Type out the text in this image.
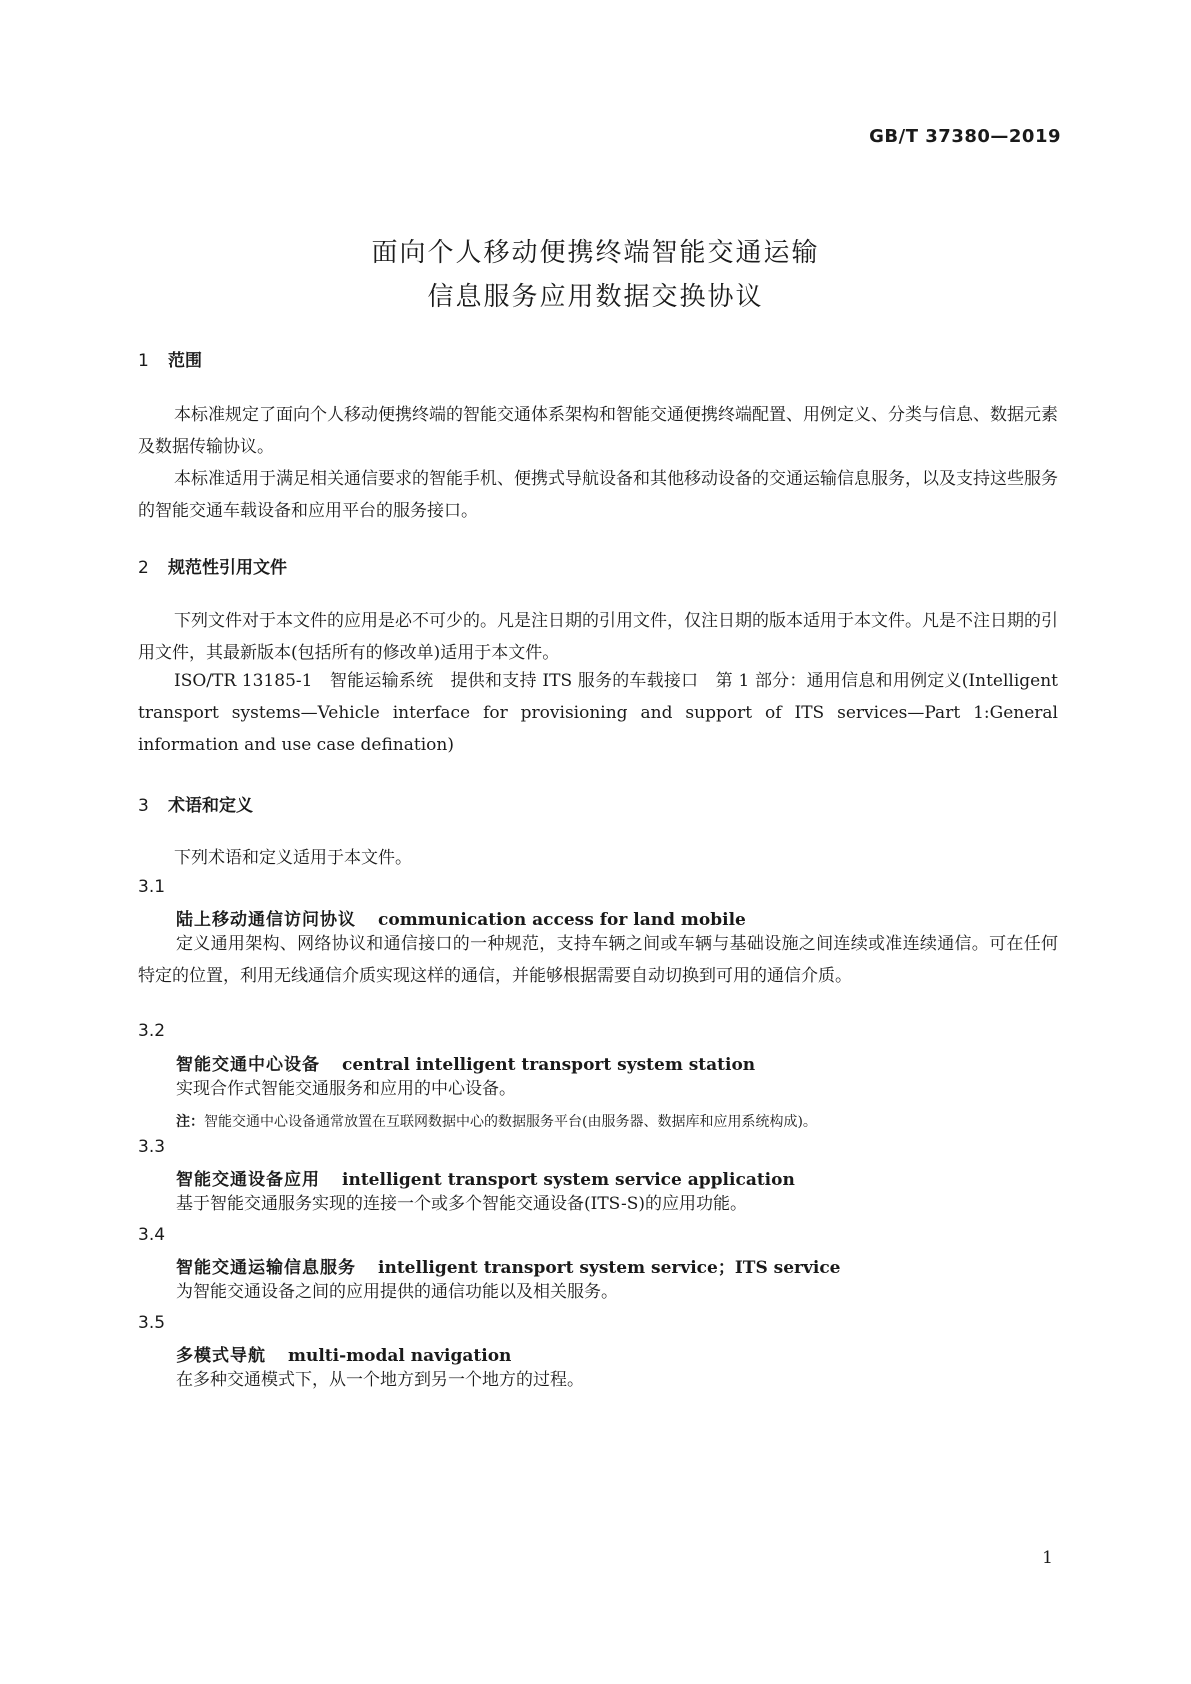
GB/T 37380—2019
面向个人移动便携终端智能交通运输
信息服务应用数据交换协议
1 范围
本标准规定了面向个人移动便携终端的智能交通体系架构和智能交通便携终端配置、用例定义、分类与信息、数据元素及数据传输协议。
本标准适用于满足相关通信要求的智能手机、便携式导航设备和其他移动设备的交通运输信息服务，以及支持这些服务的智能交通车载设备和应用平台的服务接口。
2 规范性引用文件
下列文件对于本文件的应用是必不可少的。凡是注日期的引用文件，仅注日期的版本适用于本文件。凡是不注日期的引用文件，其最新版本(包括所有的修改单)适用于本文件。
ISO/TR 13185-1　智能运输系统　提供和支持 ITS 服务的车载接口　第 1 部分：通用信息和用例定义(Intelligent transport systems—Vehicle interface for provisioning and support of ITS services—Part 1:General information and use case defination)
3 术语和定义
下列术语和定义适用于本文件。
3.1
陆上移动通信访问协议 communication access for land mobile
定义通用架构、网络协议和通信接口的一种规范，支持车辆之间或车辆与基础设施之间连续或准连续通信。可在任何特定的位置，利用无线通信介质实现这样的通信，并能够根据需要自动切换到可用的通信介质。
3.2
智能交通中心设备 central intelligent transport system station
实现合作式智能交通服务和应用的中心设备。
注：智能交通中心设备通常放置在互联网数据中心的数据服务平台(由服务器、数据库和应用系统构成)。
3.3
智能交通设备应用 intelligent transport system service application
基于智能交通服务实现的连接一个或多个智能交通设备(ITS-S)的应用功能。
3.4
智能交通运输信息服务 intelligent transport system service；ITS service
为智能交通设备之间的应用提供的通信功能以及相关服务。
3.5
多模式导航 multi-modal navigation
在多种交通模式下，从一个地方到另一个地方的过程。
1
